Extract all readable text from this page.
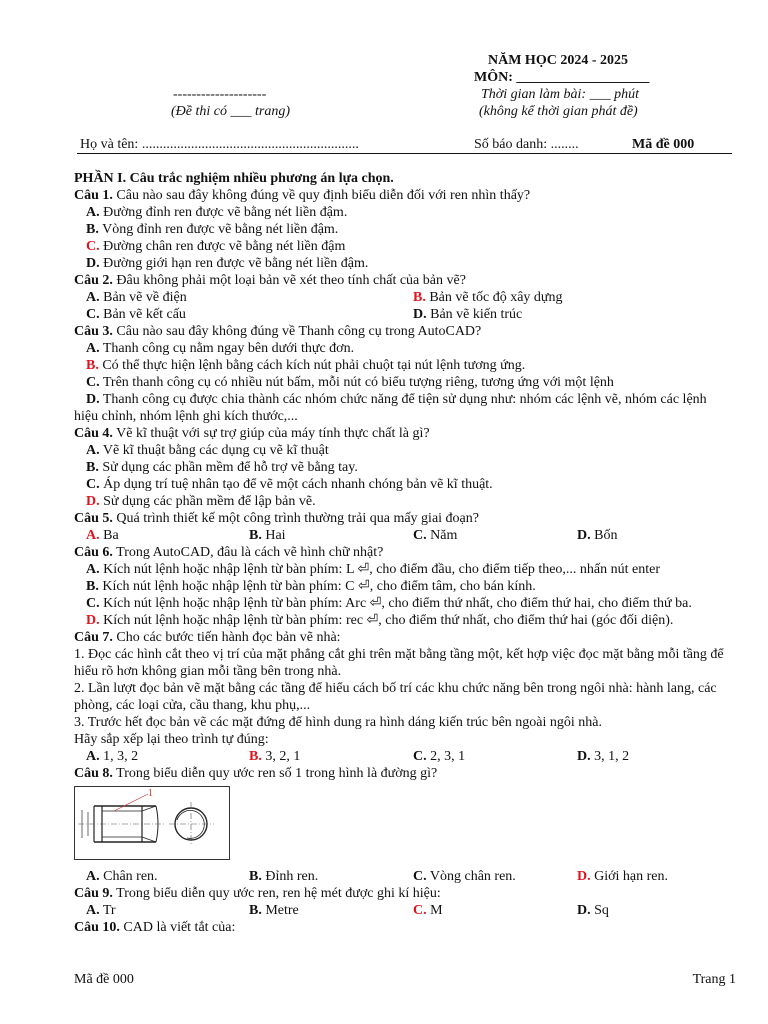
NĂM HỌC 2024 - 2025
MÔN: ___________________
--------------------
(Đề thi có ___ trang)
Thời gian làm bài: ___ phút
(không kể thời gian phát đề)
Họ và tên: ..............................................................	Số báo danh: ........	Mã đề 000
PHẦN I. Câu trắc nghiệm nhiều phương án lựa chọn.
Câu 1. Câu nào sau đây không đúng về quy định biểu diễn đối với ren nhìn thấy?
A. Đường đỉnh ren được vẽ bằng nét liền đậm.
B. Vòng đỉnh ren được vẽ bằng nét liền đậm.
C. Đường chân ren được vẽ bằng nét liền đậm
D. Đường giới hạn ren được vẽ bằng nét liền đậm.
Câu 2. Đâu không phải một loại bản vẽ xét theo tính chất của bản vẽ?
A. Bản vẽ về điện	B. Bản vẽ tốc độ xây dựng
C. Bản vẽ kết cấu	D. Bản vẽ kiến trúc
Câu 3. Câu nào sau đây không đúng về Thanh công cụ trong AutoCAD?
A. Thanh công cụ nằm ngay bên dưới thực đơn.
B. Có thể thực hiện lệnh bằng cách kích nút phải chuột tại nút lệnh tương ứng.
C. Trên thanh công cụ có nhiều nút bấm, mỗi nút có biểu tượng riêng, tương ứng với một lệnh
D. Thanh công cụ được chia thành các nhóm chức năng để tiện sử dụng như: nhóm các lệnh vẽ, nhóm các lệnh hiệu chỉnh, nhóm lệnh ghi kích thước,...
Câu 4. Vẽ kĩ thuật với sự trợ giúp của máy tính thực chất là gì?
A. Vẽ kĩ thuật bằng các dụng cụ vẽ kĩ thuật
B. Sử dụng các phần mềm để hỗ trợ vẽ bằng tay.
C. Áp dụng trí tuệ nhân tạo để vẽ một cách nhanh chóng bản vẽ kĩ thuật.
D. Sử dụng các phần mềm để lập bản vẽ.
Câu 5. Quá trình thiết kế một công trình thường trải qua mấy giai đoạn?
A. Ba	B. Hai	C. Năm	D. Bốn
Câu 6. Trong AutoCAD, đâu là cách vẽ hình chữ nhật?
A. Kích nút lệnh hoặc nhập lệnh từ bàn phím: L ⏎, cho điểm đầu, cho điểm tiếp theo,... nhấn nút enter
B. Kích nút lệnh hoặc nhập lệnh từ bàn phím: C ⏎, cho điểm tâm, cho bán kính.
C. Kích nút lệnh hoặc nhập lệnh từ bàn phím: Arc ⏎, cho điểm thứ nhất, cho điểm thứ hai, cho điểm thứ ba.
D. Kích nút lệnh hoặc nhập lệnh từ bàn phím: rec ⏎, cho điểm thứ nhất, cho điểm thứ hai (góc đối diện).
Câu 7. Cho các bước tiến hành đọc bản vẽ nhà:
1. Đọc các hình cắt theo vị trí của mặt phẳng cắt ghi trên mặt bằng tầng một, kết hợp việc đọc mặt bằng mỗi tầng để hiểu rõ hơn không gian mỗi tầng bên trong nhà.
2. Lần lượt đọc bản vẽ mặt bằng các tầng để hiểu cách bố trí các khu chức năng bên trong ngôi nhà: hành lang, các phòng, các loại cửa, cầu thang, khu phụ,...
3. Trước hết đọc bản vẽ các mặt đứng để hình dung ra hình dáng kiến trúc bên ngoài ngôi nhà.
Hãy sắp xếp lại theo trình tự đúng:
A. 1, 3, 2	B. 3, 2, 1	C. 2, 3, 1	D. 3, 1, 2
Câu 8. Trong biểu diễn quy ước ren số 1 trong hình là đường gì?
1
A. Chân ren.	B. Đỉnh ren.	C. Vòng chân ren.	D. Giới hạn ren.
Câu 9. Trong biểu diễn quy ước ren, ren hệ mét được ghi kí hiệu:
A. Tr	B. Metre	C. M	D. Sq
Câu 10. CAD là viết tắt của:
Mã đề 000	Trang 1
